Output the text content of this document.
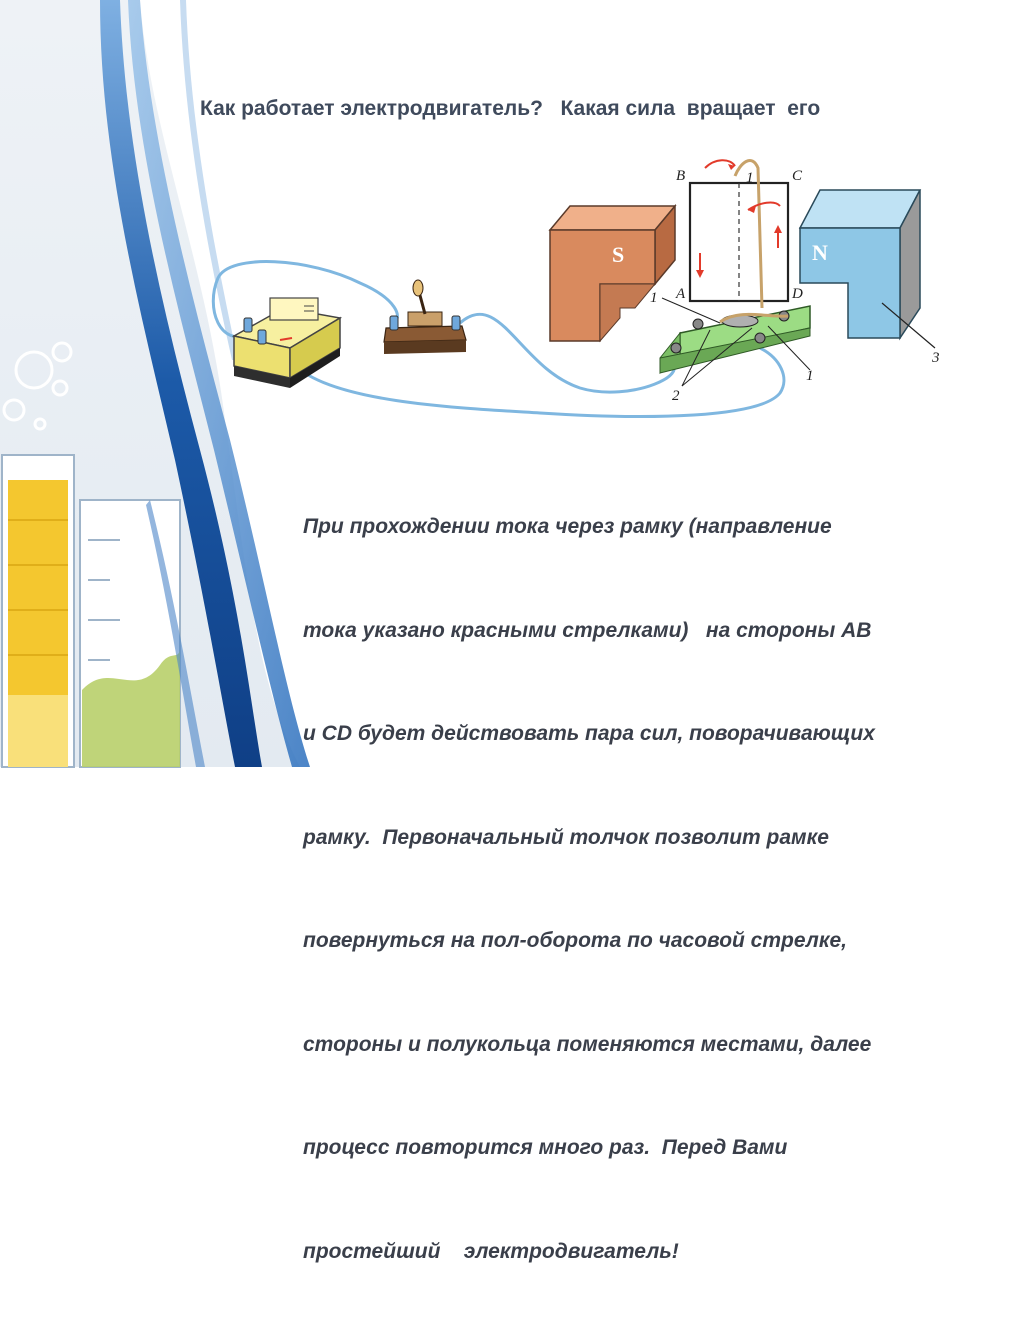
Как работает электродвигатель?   Какая сила  вращает  его
S	N
3
B	C
A	D
1
1
1
2

При прохождении тока через рамку (направление

тока указано красными стрелками)   на стороны АВ

и CD будет действовать пара сил, поворачивающих

рамку.  Первоначальный толчок позволит рамке

повернуться на пол-оборота по часовой стрелке,

стороны и полукольца поменяются местами, далее

процесс повторится много раз.  Перед Вами

простейший    электродвигатель!
